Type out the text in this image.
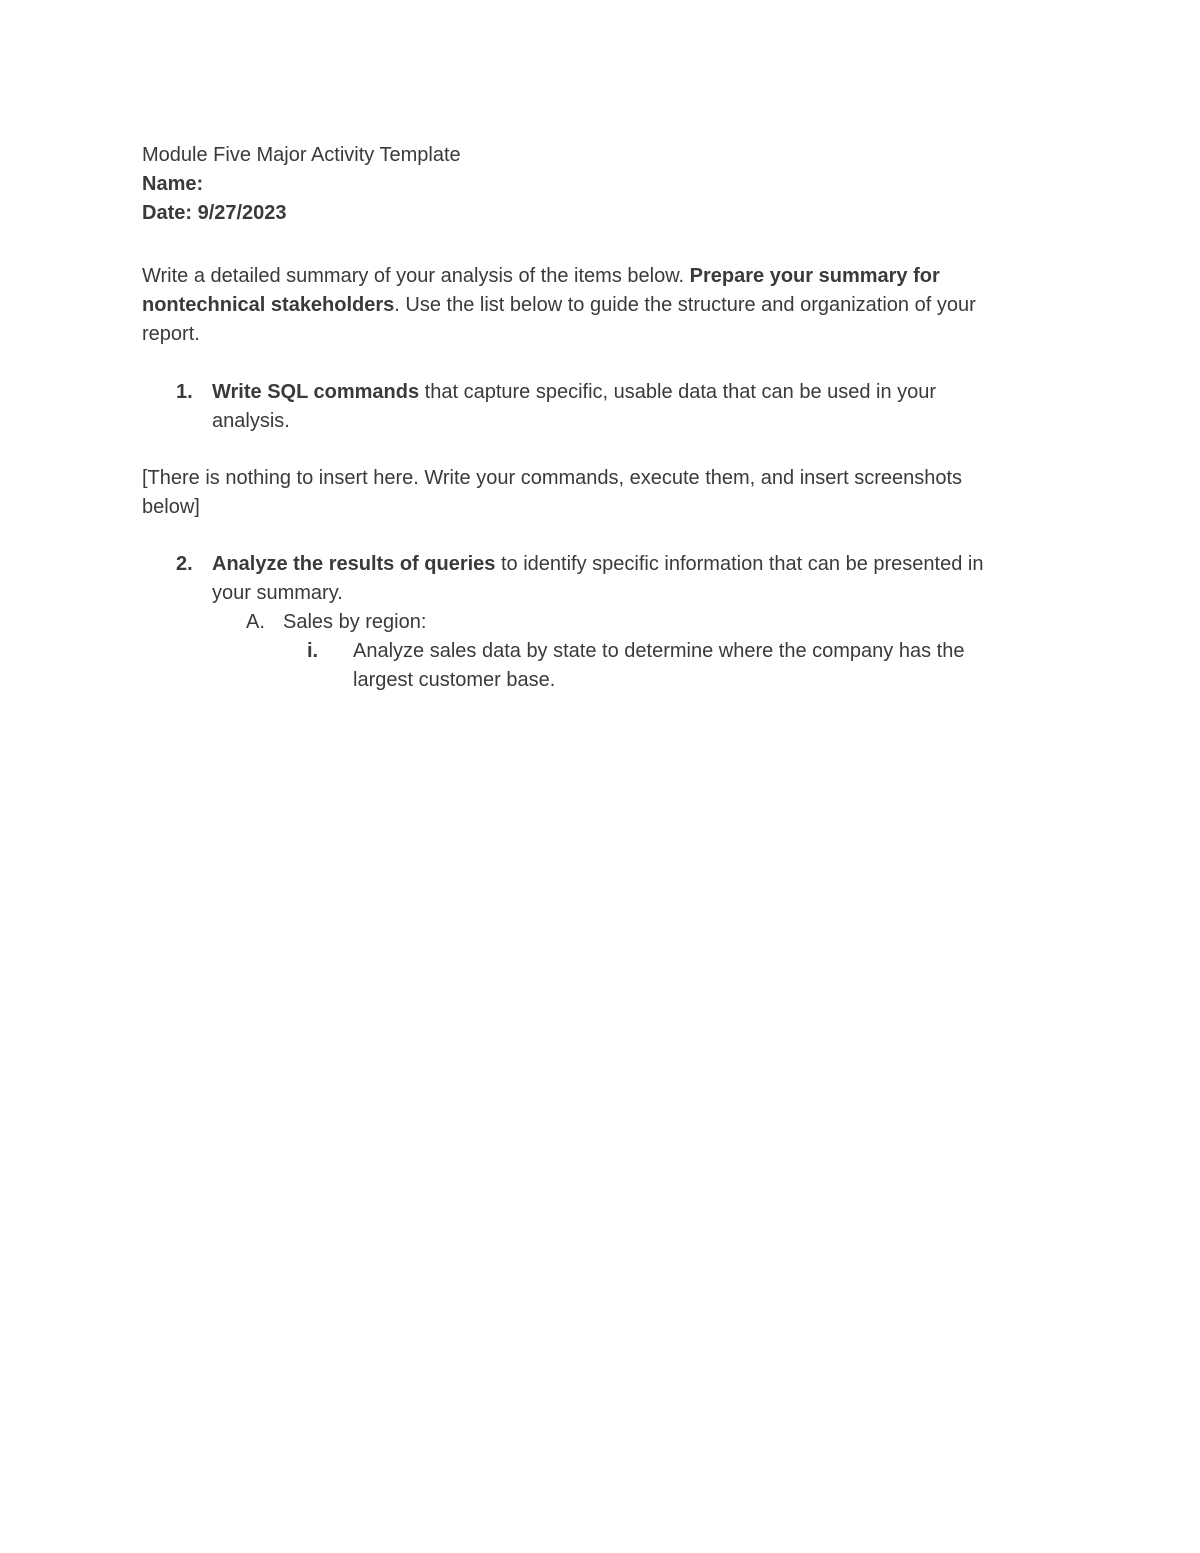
Module Five Major Activity Template
Name:
Date: 9/27/2023
Write a detailed summary of your analysis of the items below. Prepare your summary for
nontechnical stakeholders. Use the list below to guide the structure and organization of your
report.
1. Write SQL commands that capture specific, usable data that can be used in your
analysis.
[There is nothing to insert here. Write your commands, execute them, and insert screenshots
below]
2. Analyze the results of queries to identify specific information that can be presented in
your summary.
A. Sales by region:
i. Analyze sales data by state to determine where the company has the
largest customer base.
